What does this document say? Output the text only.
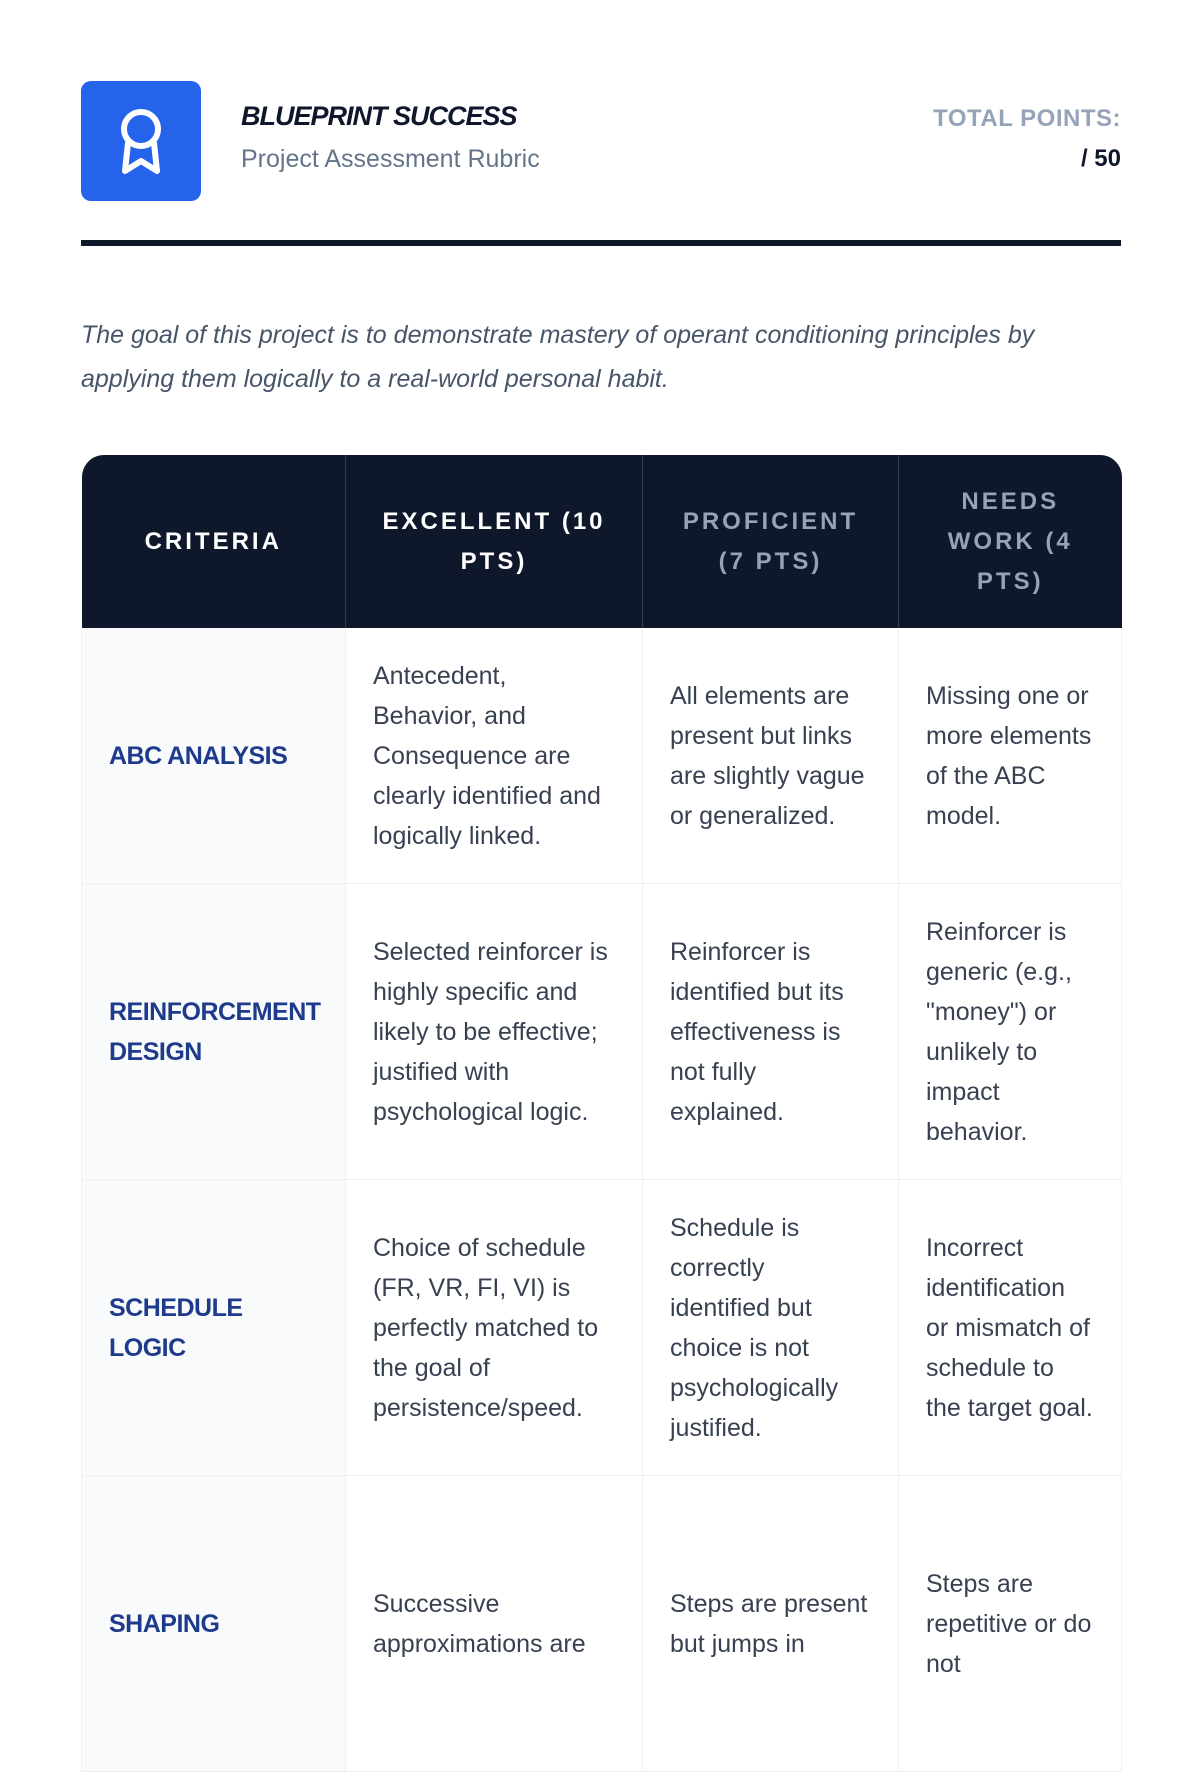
BLUEPRINT SUCCESS
Project Assessment Rubric
TOTAL POINTS:
/ 50
The goal of this project is to demonstrate mastery of operant conditioning principles by applying them logically to a real-world personal habit.
CRITERIA	EXCELLENT (10 PTS)	PROFICIENT (7 PTS)	NEEDS WORK (4 PTS)
ABC ANALYSIS	Antecedent, Behavior, and Consequence are clearly identified and logically linked.	All elements are present but links are slightly vague or generalized.	Missing one or more elements of the ABC model.
REINFORCEMENT DESIGN	Selected reinforcer is highly specific and likely to be effective; justified with psychological logic.	Reinforcer is identified but its effectiveness is not fully explained.	Reinforcer is generic (e.g., "money") or unlikely to impact behavior.
SCHEDULE LOGIC	Choice of schedule (FR, VR, FI, VI) is perfectly matched to the goal of persistence/speed.	Schedule is correctly identified but choice is not psychologically justified.	Incorrect identification or mismatch of schedule to the target goal.
SHAPING	Successive approximations are	Steps are present but jumps in	Steps are repetitive or do not
